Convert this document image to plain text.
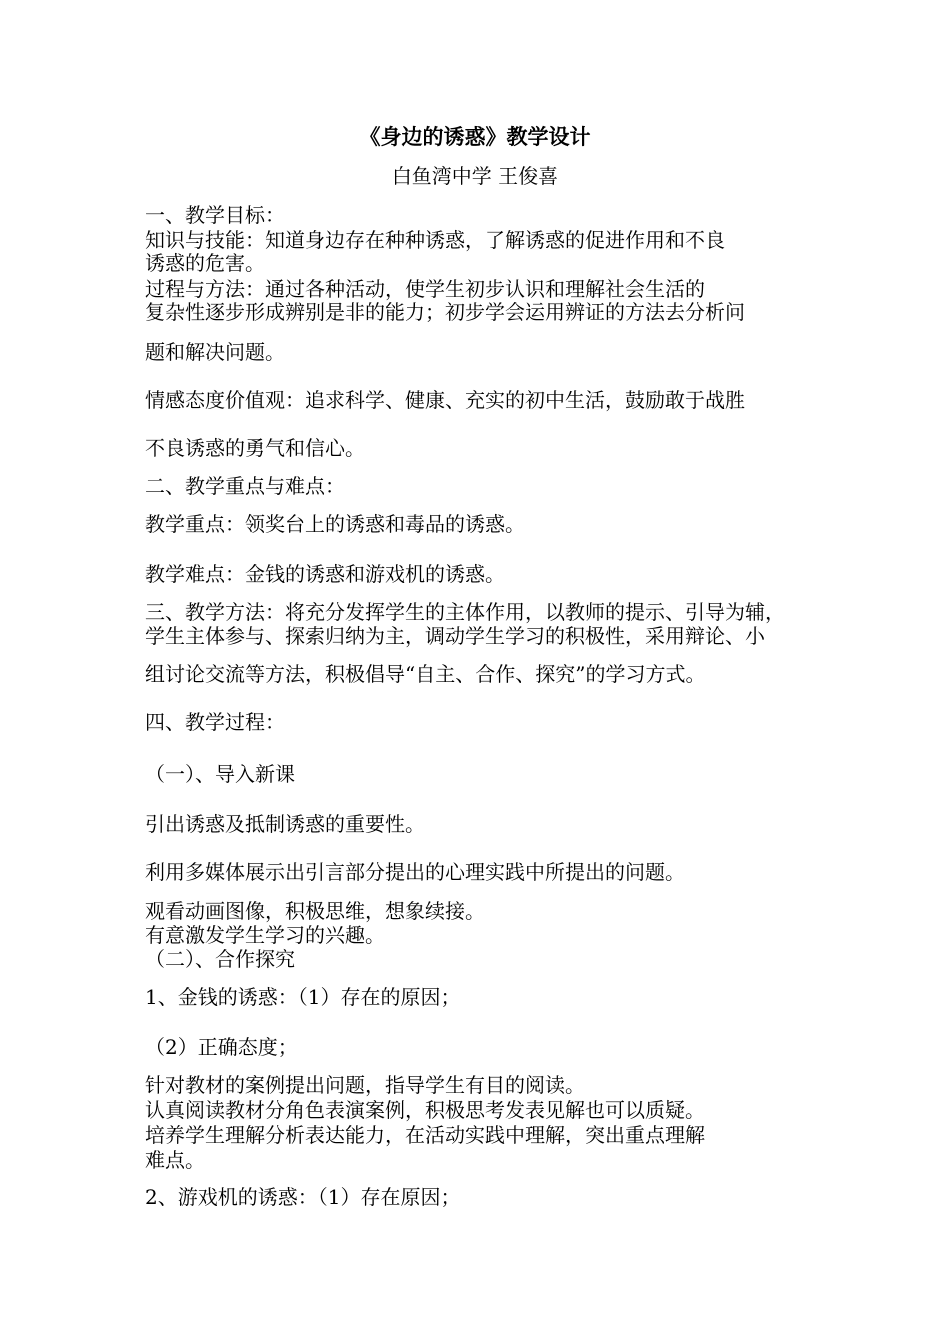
《身边的诱惑》教学设计
白鱼湾中学 王俊喜
一、教学目标：
知识与技能：知道身边存在种种诱惑，了解诱惑的促进作用和不良
诱惑的危害。
过程与方法：通过各种活动，使学生初步认识和理解社会生活的
复杂性逐步形成辨别是非的能力；初步学会运用辨证的方法去分析问
题和解决问题。
情感态度价值观：追求科学、健康、充实的初中生活，鼓励敢于战胜
不良诱惑的勇气和信心。
二、教学重点与难点：
教学重点：领奖台上的诱惑和毒品的诱惑。
教学难点：金钱的诱惑和游戏机的诱惑。
三、教学方法：将充分发挥学生的主体作用，以教师的提示、引导为辅，
学生主体参与、探索归纳为主，调动学生学习的积极性，采用辩论、小
组讨论交流等方法，积极倡导“自主、合作、探究”的学习方式。
四、教学过程：
（一）、导入新课
引出诱惑及抵制诱惑的重要性。
利用多媒体展示出引言部分提出的心理实践中所提出的问题。
观看动画图像，积极思维，想象续接。
有意激发学生学习的兴趣。
（二）、合作探究
1、金钱的诱惑：（1）存在的原因；
（2）正确态度；
针对教材的案例提出问题，指导学生有目的阅读。
认真阅读教材分角色表演案例，积极思考发表见解也可以质疑。
培养学生理解分析表达能力，在活动实践中理解，突出重点理解
难点。
2、游戏机的诱惑：（1）存在原因；
